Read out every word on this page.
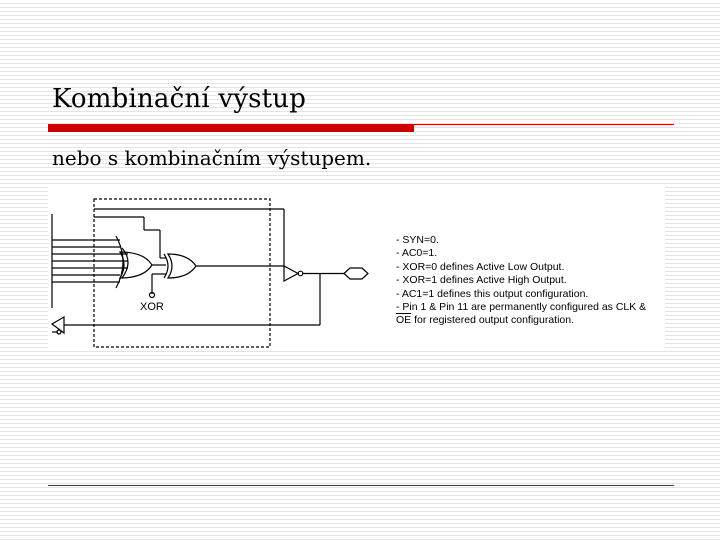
Kombinační výstup
nebo s kombinačním výstupem.
XOR
- SYN=0.
- AC0=1.
- XOR=0 defines Active Low Output.
- XOR=1 defines Active High Output.
- AC1=1 defines this output configuration.
- Pin 1 & Pin 11 are permanently configured as CLK &
$\overline{OE}$ for registered output configuration.
